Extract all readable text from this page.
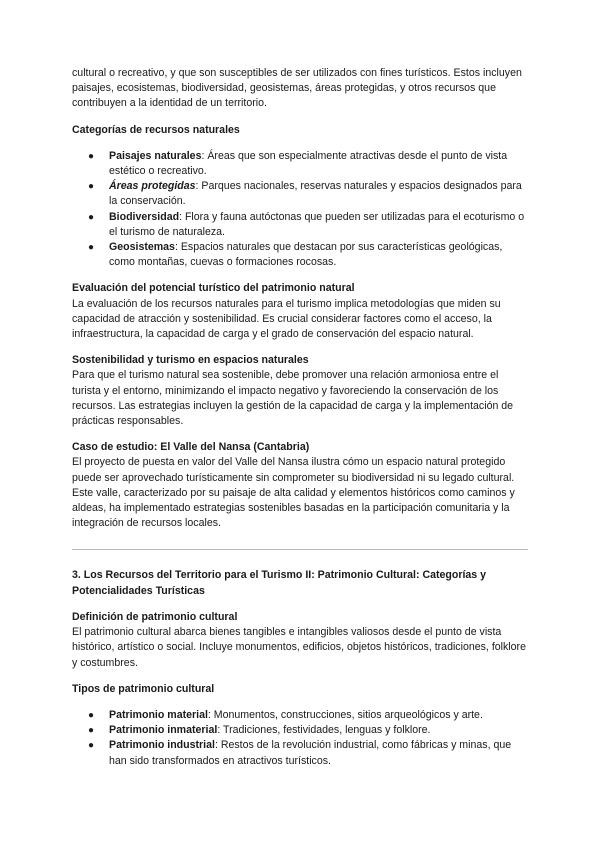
cultural o recreativo, y que son susceptibles de ser utilizados con fines turísticos. Estos incluyen paisajes, ecosistemas, biodiversidad, geosistemas, áreas protegidas, y otros recursos que contribuyen a la identidad de un territorio.

Categorías de recursos naturales
● Paisajes naturales: Áreas que son especialmente atractivas desde el punto de vista estético o recreativo.
● Áreas protegidas: Parques nacionales, reservas naturales y espacios designados para la conservación.
● Biodiversidad: Flora y fauna autóctonas que pueden ser utilizadas para el ecoturismo o el turismo de naturaleza.
● Geosistemas: Espacios naturales que destacan por sus características geológicas, como montañas, cuevas o formaciones rocosas.
Evaluación del potencial turístico del patrimonio natural

La evaluación de los recursos naturales para el turismo implica metodologías que miden su capacidad de atracción y sostenibilidad. Es crucial considerar factores como el acceso, la infraestructura, la capacidad de carga y el grado de conservación del espacio natural.

Sostenibilidad y turismo en espacios naturales

Para que el turismo natural sea sostenible, debe promover una relación armoniosa entre el turista y el entorno, minimizando el impacto negativo y favoreciendo la conservación de los recursos. Las estrategias incluyen la gestión de la capacidad de carga y la implementación de prácticas responsables.

Caso de estudio: El Valle del Nansa (Cantabria)

El proyecto de puesta en valor del Valle del Nansa ilustra cómo un espacio natural protegido puede ser aprovechado turísticamente sin comprometer su biodiversidad ni su legado cultural. Este valle, caracterizado por su paisaje de alta calidad y elementos históricos como caminos y aldeas, ha implementado estrategias sostenibles basadas en la participación comunitaria y la integración de recursos locales.

3. Los Recursos del Territorio para el Turismo II: Patrimonio Cultural: Categorías y Potencialidades Turísticas
Definición de patrimonio cultural

El patrimonio cultural abarca bienes tangibles e intangibles valiosos desde el punto de vista histórico, artístico o social. Incluye monumentos, edificios, objetos históricos, tradiciones, folklore y costumbres.

Tipos de patrimonio cultural
● Patrimonio material: Monumentos, construcciones, sitios arqueológicos y arte.
● Patrimonio inmaterial: Tradiciones, festividades, lenguas y folklore.
● Patrimonio industrial: Restos de la revolución industrial, como fábricas y minas, que han sido transformados en atractivos turísticos.
